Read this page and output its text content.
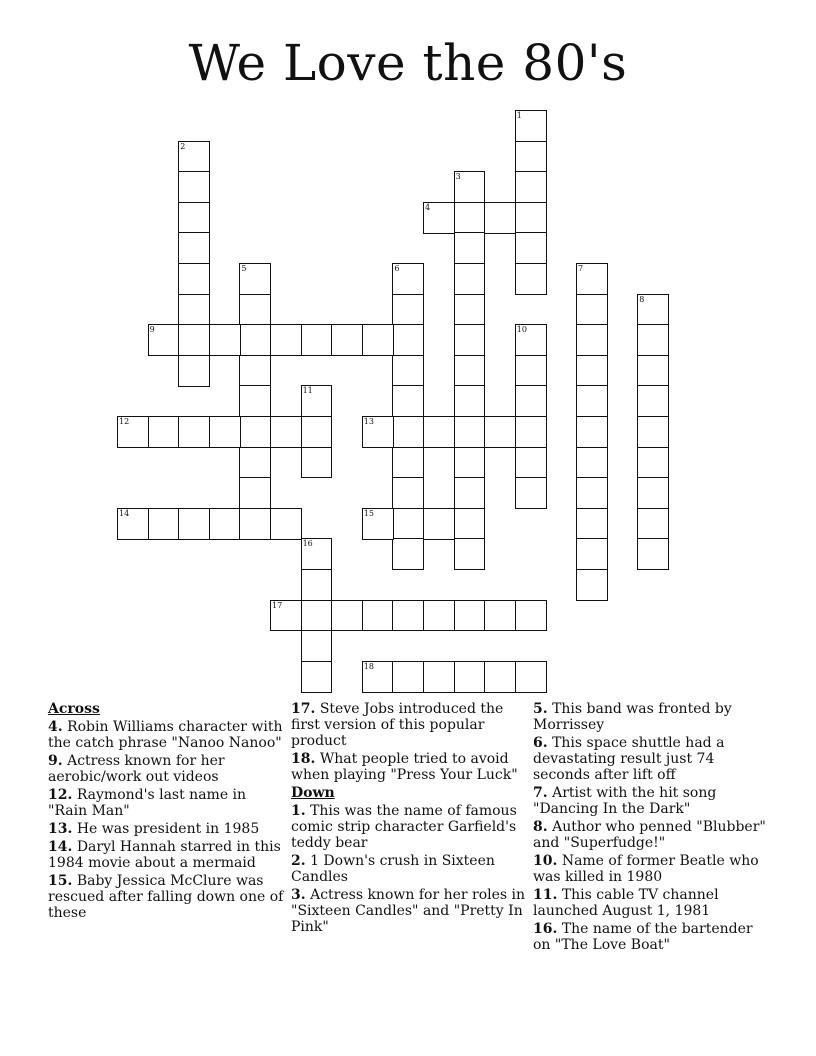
We Love the 80's
1
2
3
4
5	6	7
8
9	10
11
12	13
14	15
16
17
18
Across
4. Robin Williams character with the catch phrase "Nanoo Nanoo"
9. Actress known for her aerobic/work out videos
12. Raymond's last name in "Rain Man"
13. He was president in 1985
14. Daryl Hannah starred in this 1984 movie about a mermaid
15. Baby Jessica McClure was rescued after falling down one of these
17. Steve Jobs introduced the first version of this popular product
18. What people tried to avoid when playing "Press Your Luck"
Down
1. This was the name of famous comic strip character Garfield's teddy bear
2. 1 Down's crush in Sixteen Candles
3. Actress known for her roles in "Sixteen Candles" and "Pretty In Pink"
5. This band was fronted by Morrissey
6. This space shuttle had a devastating result just 74 seconds after lift off
7. Artist with the hit song "Dancing In the Dark"
8. Author who penned "Blubber" and "Superfudge!"
10. Name of former Beatle who was killed in 1980
11. This cable TV channel launched August 1, 1981
16. The name of the bartender on "The Love Boat"
